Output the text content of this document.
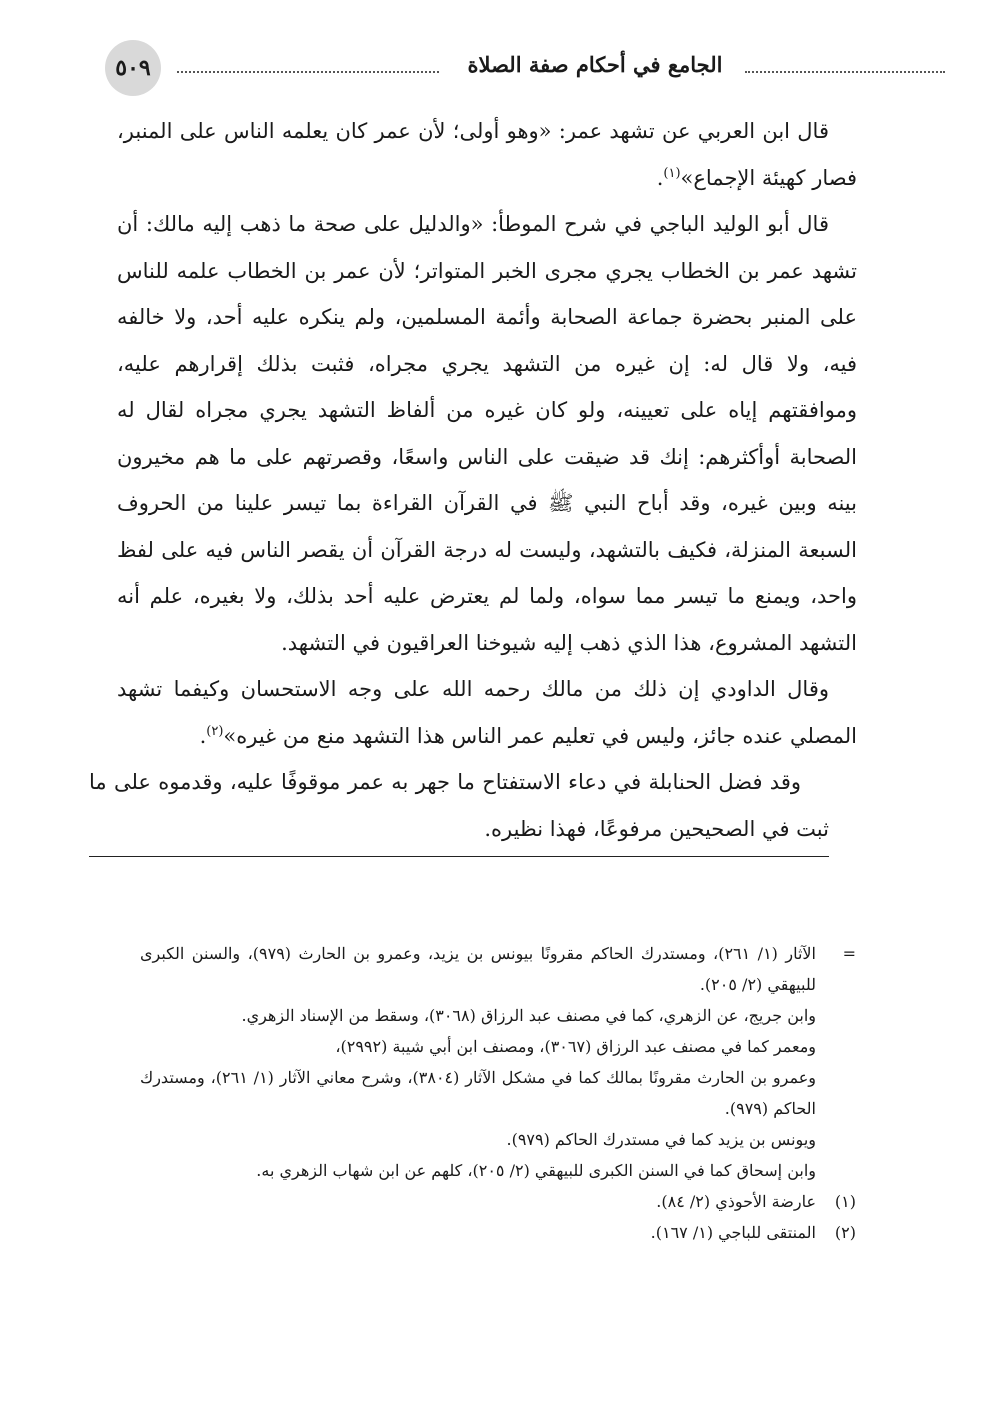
٥٠٩	الجامع في أحكام صفة الصلاة

قال ابن العربي عن تشهد عمر: «وهو أولى؛ لأن عمر كان يعلمه الناس على المنبر، فصار كهيئة الإجماع»$^{(١)}$.

قال أبو الوليد الباجي في شرح الموطأ: «والدليل على صحة ما ذهب إليه مالك: أن تشهد عمر بن الخطاب يجري مجرى الخبر المتواتر؛ لأن عمر بن الخطاب علمه للناس على المنبر بحضرة جماعة الصحابة وأئمة المسلمين، ولم ينكره عليه أحد، ولا خالفه فيه، ولا قال له: إن غيره من التشهد يجري مجراه، فثبت بذلك إقرارهم عليه، وموافقتهم إياه على تعيينه، ولو كان غيره من ألفاظ التشهد يجري مجراه لقال له الصحابة أوأكثرهم: إنك قد ضيقت على الناس واسعًا، وقصرتهم على ما هم مخيرون بينه وبين غيره، وقد أباح النبي ﷺ في القرآن القراءة بما تيسر علينا من الحروف السبعة المنزلة، فكيف بالتشهد، وليست له درجة القرآن أن يقصر الناس فيه على لفظ واحد، ويمنع ما تيسر مما سواه، ولما لم يعترض عليه أحد بذلك، ولا بغيره، علم أنه التشهد المشروع، هذا الذي ذهب إليه شيوخنا العراقيون في التشهد.

وقال الداودي إن ذلك من مالك رحمه الله على وجه الاستحسان وكيفما تشهد المصلي عنده جائز، وليس في تعليم عمر الناس هذا التشهد منع من غيره»$^{(٢)}$.

وقد فضل الحنابلة في دعاء الاستفتاح ما جهر به عمر موقوفًا عليه، وقدموه على ما ثبت في الصحيحين مرفوعًا، فهذا نظيره.

=
الآثار (١/ ٢٦١)، ومستدرك الحاكم مقرونًا بيونس بن يزيد، وعمرو بن الحارث (٩٧٩)، والسنن الكبرى للبيهقي (٢/ ٢٠٥).

وابن جريج، عن الزهري، كما في مصنف عبد الرزاق (٣٠٦٨)، وسقط من الإسناد الزهري.

ومعمر كما في مصنف عبد الرزاق (٣٠٦٧)، ومصنف ابن أبي شيبة (٢٩٩٢)،

وعمرو بن الحارث مقرونًا بمالك كما في مشكل الآثار (٣٨٠٤)، وشرح معاني الآثار (١/ ٢٦١)، ومستدرك الحاكم (٩٧٩).

ويونس بن يزيد كما في مستدرك الحاكم (٩٧٩).

وابن إسحاق كما في السنن الكبرى للبيهقي (٢/ ٢٠٥)، كلهم عن ابن شهاب الزهري به.

(١)عارضة الأحوذي (٢/ ٨٤).

(٢)المنتقى للباجي (١/ ١٦٧).
